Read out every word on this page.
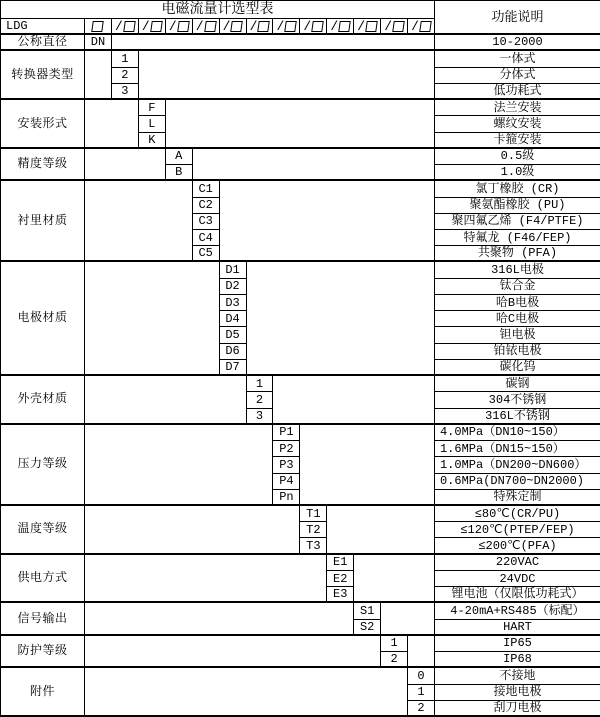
电磁流量计选型表	功能说明
LDG	/ / / / / / / / / / / /
公称直径	DN	10-2000
转换器类型
1	一体式
2	分体式
3	低功耗式
安装形式
F	法兰安装
L	螺纹安装
K	卡箍安装
精度等级
A	0.5级
B	1.0级
衬里材质
C1	氯丁橡胶 (CR)
C2	聚氨酯橡胶 (PU)
C3	聚四氟乙烯 (F4/PTFE)
C4	特氟龙 (F46/FEP)
C5	共聚物 (PFA)
电极材质
D1	316L电极
D2	钛合金
D3	哈B电极
D4	哈C电极
D5	钽电极
D6	铂铱电极
D7	碳化钨
外壳材质
1	碳钢
2	304不锈钢
3	316L不锈钢
压力等级
P1	4.0MPa（DN10~150）
P2	1.6MPa（DN15~150）
P3	1.0MPa（DN200~DN600）
P4	0.6MPa(DN700~DN2000)
Pn	特殊定制
温度等级
T1	≤80℃(CR/PU)
T2	≤120℃(PTEP/FEP)
T3	≤200℃(PFA)
供电方式
E1	220VAC
E2	24VDC
E3	锂电池（仅限低功耗式）
信号输出
S1	4-20mA+RS485（标配）
S2	HART
防护等级
1	IP65
2	IP68
附件
0	不接地
1	接地电极
2	刮刀电极
